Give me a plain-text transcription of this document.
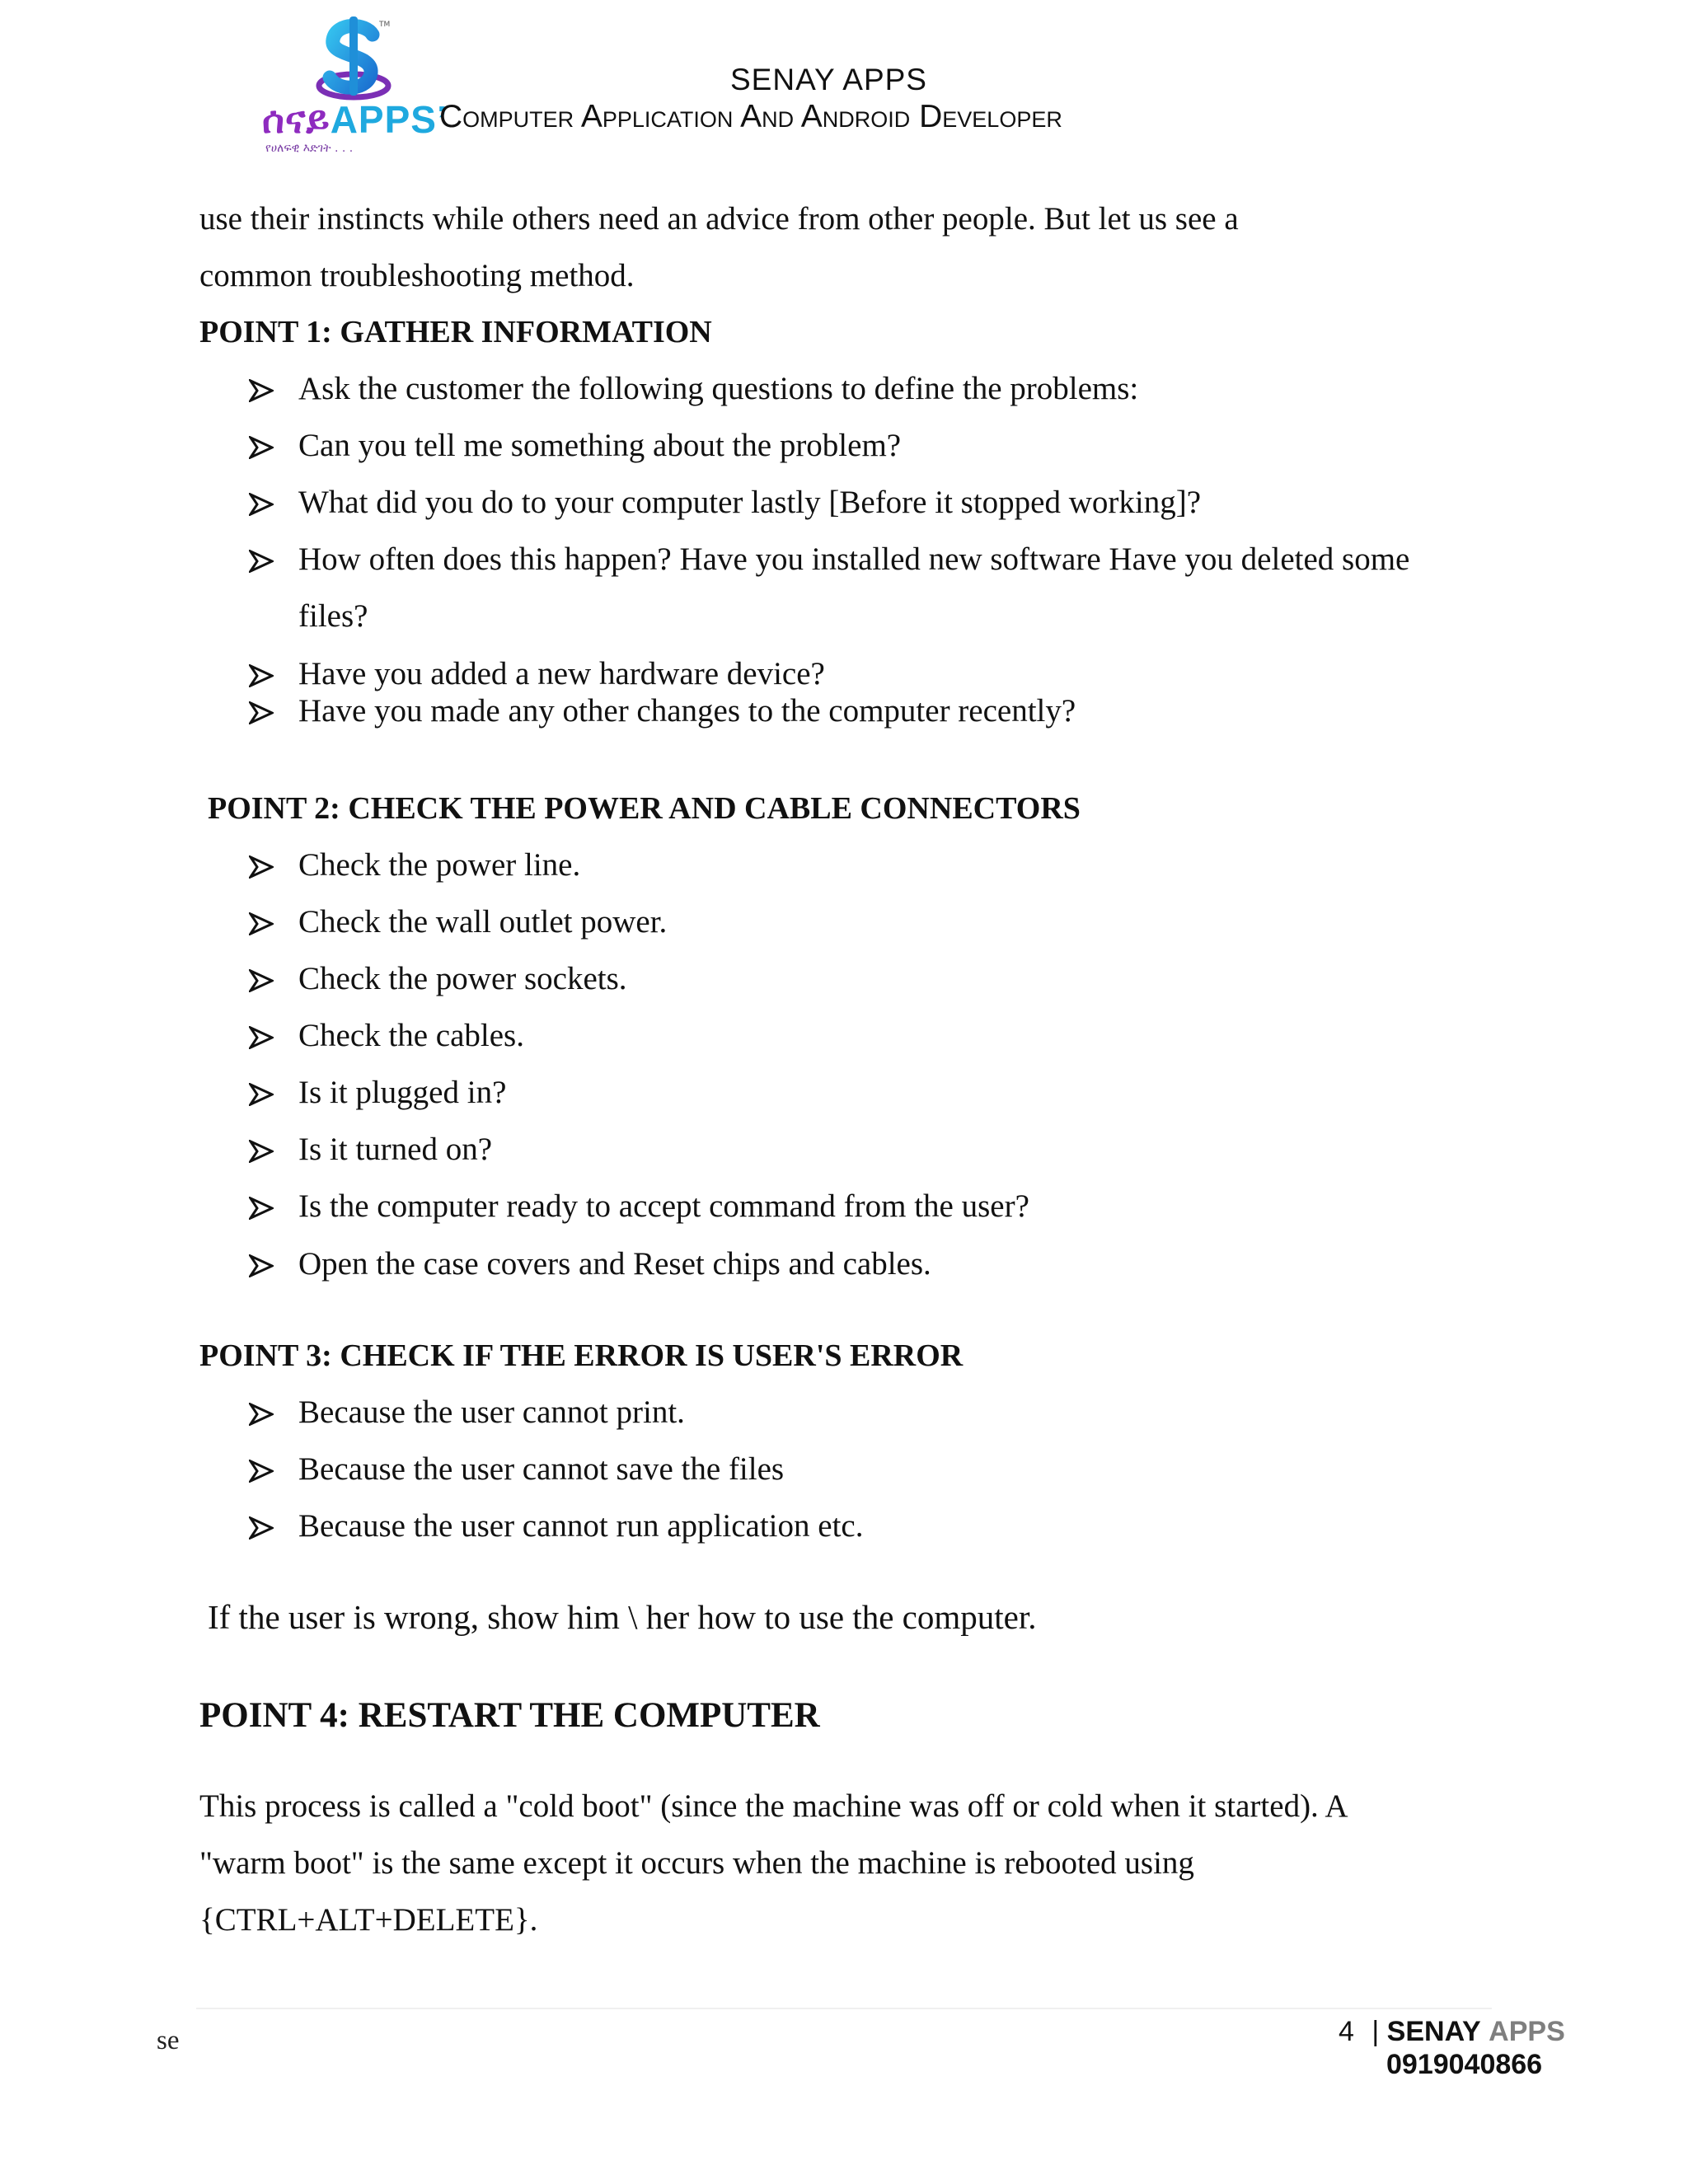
TM
ሰናይAPPS’
የሀለፍዊ እድገት . . .
SENAY APPS
Computer Application And Android Developer
use their instincts while others need an advice from other people. But let us see a
common troubleshooting method.
POINT 1: GATHER INFORMATION
Ask the customer the following questions to define the problems:
Can you tell me something about the problem?
What did you do to your computer lastly [Before it stopped working]?
How often does this happen? Have you installed new software Have you deleted some
files?
Have you added a new hardware device?
Have you made any other changes to the computer recently?
POINT 2: CHECK THE POWER AND CABLE CONNECTORS
Check the power line.
Check the wall outlet power.
Check the power sockets.
Check the cables.
Is it plugged in?
Is it turned on?
Is the computer ready to accept command from the user?
Open the case covers and Reset chips and cables.
POINT 3: CHECK IF THE ERROR IS USER'S ERROR
Because the user cannot print.
Because the user cannot save the files
Because the user cannot run application etc.
If the user is wrong, show him \ her how to use the computer.
POINT 4: RESTART THE COMPUTER
This process is called a "cold boot" (since the machine was off or cold when it started). A
"warm boot" is the same except it occurs when the machine is rebooted using
{CTRL+ALT+DELETE}.
se	4 | SENAY APPS
0919040866
